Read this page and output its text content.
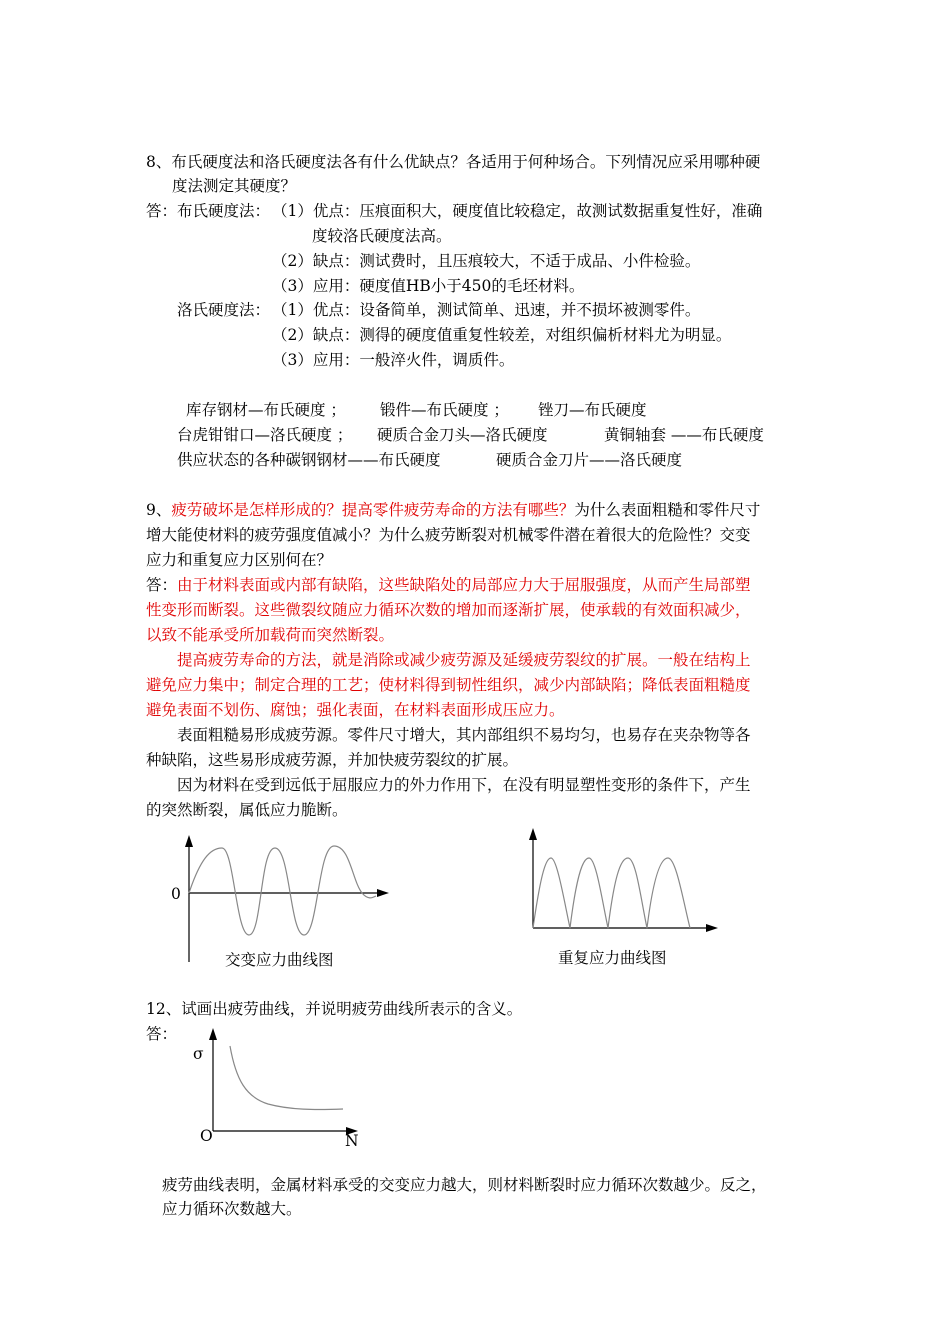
8、布氏硬度法和洛氏硬度法各有什么优缺点？各适用于何种场合。下列情况应采用哪种硬
度法测定其硬度？
答： 布氏硬度法： （1）优点：压痕面积大，硬度值比较稳定，故测试数据重复性好，准确
度较洛氏硬度法高。
（2）缺点：测试费时，且压痕较大，不适于成品、小件检验。
（3）应用：硬度值HB小于450的毛坯材料。
洛氏硬度法： （1）优点：设备简单，测试简单、迅速，并不损坏被测零件。
（2）缺点：测得的硬度值重复性较差，对组织偏析材料尤为明显。
（3）应用：一般淬火件，调质件。
库存钢材—布氏硬度 ； 锻件—布氏硬度 ； 锉刀—布氏硬度
台虎钳钳口—洛氏硬度 ； 硬质合金刀头—洛氏硬度	黄铜轴套 ——布氏硬度
供应状态的各种碳钢钢材——布氏硬度	硬质合金刀片——洛氏硬度
9、疲劳破坏是怎样形成的？提高零件疲劳寿命的方法有哪些？为什么表面粗糙和零件尺寸
增大能使材料的疲劳强度值减小？为什么疲劳断裂对机械零件潜在着很大的危险性？交变
应力和重复应力区别何在？
答：由于材料表面或内部有缺陷，这些缺陷处的局部应力大于屈服强度，从而产生局部塑
性变形而断裂。这些微裂纹随应力循环次数的增加而逐渐扩展，使承载的有效面积减少，
以致不能承受所加载荷而突然断裂。
提高疲劳寿命的方法，就是消除或减少疲劳源及延缓疲劳裂纹的扩展。一般在结构上
避免应力集中；制定合理的工艺；使材料得到韧性组织，减少内部缺陷；降低表面粗糙度
避免表面不划伤、腐蚀；强化表面，在材料表面形成压应力。
表面粗糙易形成疲劳源。零件尺寸增大，其内部组织不易均匀，也易存在夹杂物等各
种缺陷，这些易形成疲劳源，并加快疲劳裂纹的扩展。
因为材料在受到远低于屈服应力的外力作用下，在没有明显塑性变形的条件下，产生
的突然断裂，属低应力脆断。
0
交变应力曲线图	重复应力曲线图
12、试画出疲劳曲线，并说明疲劳曲线所表示的含义。
答：
σ
O	N
疲劳曲线表明，金属材料承受的交变应力越大，则材料断裂时应力循环次数越少。反之，
应力循环次数越大。
